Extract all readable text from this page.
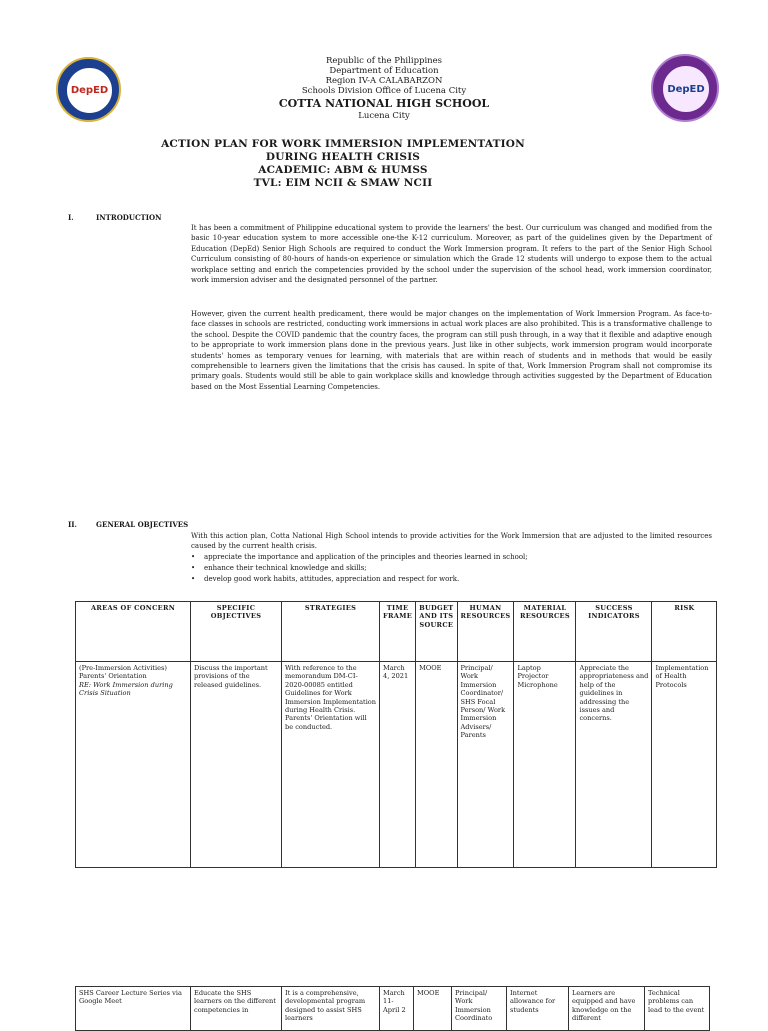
DepED	DepED
Republic of the Philippines
Department of Education
Region IV-A CALABARZON
Schools Division Office of Lucena City
COTTA NATIONAL HIGH SCHOOL
Lucena City
ACTION PLAN FOR WORK IMMERSION IMPLEMENTATION
DURING HEALTH CRISIS
ACADEMIC: ABM & HUMSS
TVL: EIM NCII & SMAW NCII
I.	INTRODUCTION
It has been a commitment of Philippine educational system to provide the learners' the best. Our curriculum was changed and modified from the basic 10-year education system to more accessible one-the K-12 curriculum. Moreover, as part of the guidelines given by the Department of Education (DepEd) Senior High Schools are required to conduct the Work Immersion program. It refers to the part of the Senior High School Curriculum consisting of 80-hours of hands-on experience or simulation which the Grade 12 students will undergo to expose them to the actual workplace setting and enrich the competencies provided by the school under the supervision of the school head, work immersion coordinator, work immersion adviser and the designated personnel of the partner.
However, given the current health predicament, there would be major changes on the implementation of Work Immersion Program. As face-to-face classes in schools are restricted, conducting work immersions in actual work places are also prohibited. This is a transformative challenge to the school. Despite the COVID pandemic that the country faces, the program can still push through, in a way that it flexible and adaptive enough to be appropriate to work immersion plans done in the previous years. Just like in other subjects, work immersion program would incorporate students' homes as temporary venues for learning, with materials that are within reach of students and in methods that would be easily comprehensible to learners given the limitations that the crisis has caused. In spite of that, Work Immersion Program shall not compromise its primary goals. Students would still be able to gain workplace skills and knowledge through activities suggested by the Department of Education based on the Most Essential Learning Competencies.
II.	GENERAL OBJECTIVES
With this action plan, Cotta National High School intends to provide activities for the Work Immersion that are adjusted to the limited resources caused by the current health crisis.
• appreciate the importance and application of the principles and theories learned in school;
• enhance their technical knowledge and skills;
• develop good work habits, attitudes, appreciation and respect for work.
AREAS OF CONCERN	SPECIFIC OBJECTIVES	STRATEGIES	TIME FRAME	BUDGET AND ITS SOURCE	HUMAN RESOURCES	MATERIAL RESOURCES	SUCCESS INDICATORS	RISK

(Pre-Immersion Activities)
Parents' Orientation
RE: Work Immersion during Crisis Situation	Discuss the important provisions of the released guidelines.	With reference to the memorandum DM-CI-2020-00085 entitled Guidelines for Work Immersion Implementation during Health Crisis. Parents' Orientation will be conducted.	March 4, 2021	MOOE	Principal/ Work Immersion Coordinator/ SHS Focal Person/ Work Immersion Advisers/ Parents	Laptop Projector Microphone	Appreciate the appropriateness and help of the guidelines in addressing the issues and concerns.	Implementation of Health Protocols
SHS Career Lecture Series via Google Meet	Educate the SHS learners on the different competencies in	It is a comprehensive, developmental program designed to assist SHS learners	March 11- April 2	MOOE	Principal/ Work Immersion Coordinato	Internet allowance for students	Learners are equipped and have knowledge on the different	Technical problems can lead to the event
